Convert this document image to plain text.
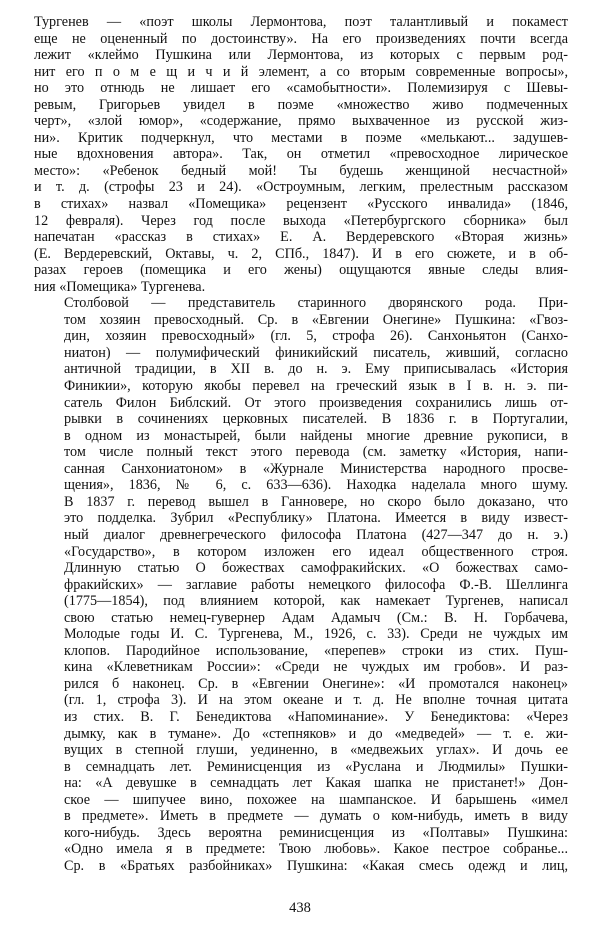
Тургенев — «поэт школы Лермонтова, поэт талантливый и покамест
еще не оцененный по достоинству». На его произведениях почти всегда
лежит «клеймо Пушкина или Лермонтова, из которых с первым род-
нит его п о м е щ и ч и й элемент, а со вторым современные вопросы»,
но это отнюдь не лишает его «самобытности». Полемизируя с Шевы-
ревым, Григорьев увидел в поэме «множество живо подмеченных
черт», «злой юмор», «содержание, прямо выхваченное из русской жиз-
ни». Критик подчеркнул, что местами в поэме «мелькают... задушев-
ные вдохновения автора». Так, он отметил «превосходное лирическое
место»: «Ребенок бедный мой! Ты будешь женщиной несчастной»
и т. д. (строфы 23 и 24). «Остроумным, легким, прелестным рассказом
в стихах» назвал «Помещика» рецензент «Русского инвалида» (1846,
12 февраля). Через год после выхода «Петербургского сборника» был
напечатан «рассказ в стихах» Е. А. Вердеревского «Вторая жизнь»
(Е. Вердеревский, Октавы, ч. 2, СПб., 1847). И в его сюжете, и в об-
разах героев (помещика и его жены) ощущаются явные следы влия-
ния «Помещика» Тургенева.

Столбовой — представитель старинного дворянского рода. При-
том хозяин превосходный. Ср. в «Евгении Онегине» Пушкина: «Гвоз-
дин, хозяин превосходный» (гл. 5, строфа 26). Санхоньятон (Санхо-
ниатон) — полумифический финикийский писатель, живший, согласно
античной традиции, в XII в. до н. э. Ему приписывалась «История
Финикии», которую якобы перевел на греческий язык в I в. н. э. пи-
сатель Филон Библский. От этого произведения сохранились лишь от-
рывки в сочинениях церковных писателей. В 1836 г. в Португалии,
в одном из монастырей, были найдены многие древние рукописи, в
том числе полный текст этого перевода (см. заметку «История, напи-
санная Санхониатоном» в «Журнале Министерства народного просве-
щения», 1836, № 6, с. 633—636). Находка наделала много шуму.
В 1837 г. перевод вышел в Ганновере, но скоро было доказано, что
это подделка. Зубрил «Республику» Платона. Имеется в виду извест-
ный диалог древнегреческого философа Платона (427—347 до н. э.)
«Государство», в котором изложен его идеал общественного строя.
Длинную статью О божествах самофракийских. «О божествах само-
фракийских» — заглавие работы немецкого философа Ф.-В. Шеллинга
(1775—1854), под влиянием которой, как намекает Тургенев, написал
свою статью немец-гувернер Адам Адамыч (См.: В. Н. Горбачева,
Молодые годы И. С. Тургенева, М., 1926, с. 33). Среди не чуждых им
клопов. Пародийное использование, «перепев» строки из стих. Пуш-
кина «Клеветникам России»: «Среди не чуждых им гробов». И раз-
рился б наконец. Ср. в «Евгении Онегине»: «И промотался наконец»
(гл. 1, строфа 3). И на этом океане и т. д. Не вполне точная цитата
из стих. В. Г. Бенедиктова «Напоминание». У Бенедиктова: «Через
дымку, как в тумане». До «степняков» и до «медведей» — т. е. жи-
вущих в степной глуши, уединенно, в «медвежьих углах». И дочь ее
в семнадцать лет. Реминисценция из «Руслана и Людмилы» Пушки-
на: «А девушке в семнадцать лет Какая шапка не пристанет!» Дон-
ское — шипучее вино, похожее на шампанское. И барышень «имел
в предмете». Иметь в предмете — думать о ком-нибудь, иметь в виду
кого-нибудь. Здесь вероятна реминисценция из «Полтавы» Пушкина:
«Одно имела я в предмете: Твою любовь». Какое пестрое собранье...
Ср. в «Братьях разбойниках» Пушкина: «Какая смесь одежд и лиц,

438
